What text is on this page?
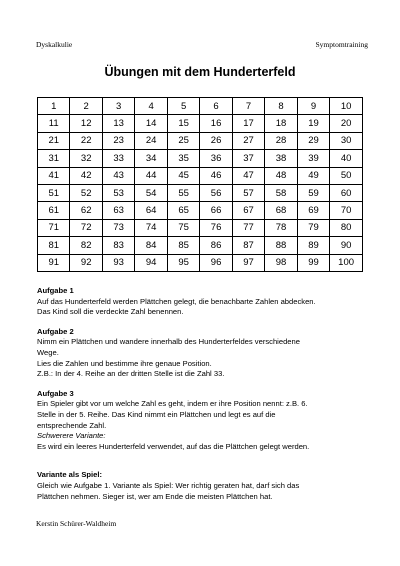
Dyskalkulie	Symptomtraining
Übungen mit dem Hunderterfeld
1	2	3	4	5	6	7	8	9	10
11	12	13	14	15	16	17	18	19	20
21	22	23	24	25	26	27	28	29	30
31	32	33	34	35	36	37	38	39	40
41	42	43	44	45	46	47	48	49	50
51	52	53	54	55	56	57	58	59	60
61	62	63	64	65	66	67	68	69	70
71	72	73	74	75	76	77	78	79	80
81	82	83	84	85	86	87	88	89	90
91	92	93	94	95	96	97	98	99	100
Aufgabe 1

Auf das Hunderterfeld werden Plättchen gelegt, die benachbarte Zahlen abdecken.

Das Kind soll die verdeckte Zahl benennen.

Aufgabe 2

Nimm ein Plättchen und wandere innerhalb des Hunderterfeldes verschiedene

Wege.

Lies die Zahlen und bestimme ihre genaue Position.

Z.B.: In der 4. Reihe an der dritten Stelle ist die Zahl 33.

Aufgabe 3

Ein Spieler gibt vor um welche Zahl es geht, indem er ihre Position nennt: z.B. 6.

Stelle in der 5. Reihe. Das Kind nimmt ein Plättchen und legt es auf die

entsprechende Zahl.

Schwerere Variante:

Es wird ein leeres Hunderterfeld verwendet, auf das die Plättchen gelegt werden.

Variante als Spiel:

Gleich wie Aufgabe 1. Variante als Spiel: Wer richtig geraten hat, darf sich das

Plättchen nehmen. Sieger ist, wer am Ende die meisten Plättchen hat.

Kerstin Schürer-Waldheim
